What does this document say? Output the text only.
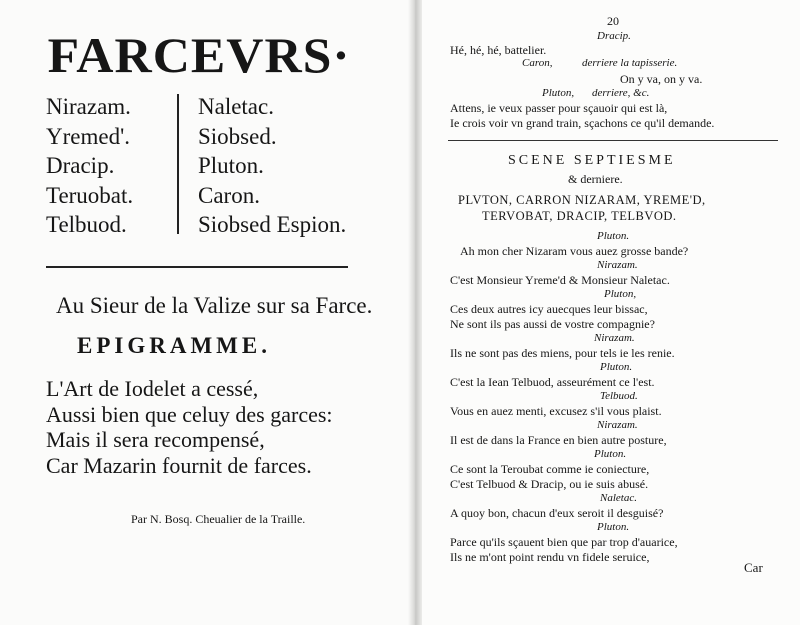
FARCEVRS·
Nirazam.
Yremed'.
Dracip.
Teruobat.
Telbuod.
Naletac.
Siobsed.
Pluton.
Caron.
Siobsed Espion.
Au Sieur de la Valize sur sa Farce.
EPIGRAMME.
L'Art de Iodelet a cessé,
Aussi bien que celuy des garces:
Mais il sera recompensé,
Car Mazarin fournit de farces.
Par N. Bosq. Cheualier de la Traille.
20
Dracip.
Hé, hé, hé, battelier.
Caron,	derriere la tapisserie.
On y va, on y va.
Pluton, derriere, &c.
Attens, ie veux passer pour sçauoir qui est là,
Ie crois voir vn grand train, sçachons ce qu'il demande.
SCENE SEPTIESME
& derniere.
PLVTON, CARRON NIZARAM, YREME'D,
TERVOBAT, DRACIP, TELBVOD.
Pluton.
Ah mon cher Nizaram vous auez grosse bande?
Nirazam.
C'est Monsieur Yreme'd & Monsieur Naletac.
Pluton,
Ces deux autres icy auecques leur bissac,
Ne sont ils pas aussi de vostre compagnie?
Nirazam.
Ils ne sont pas des miens, pour tels ie les renie.
Pluton.
C'est la Iean Telbuod, asseurément ce l'est.
Telbuod.
Vous en auez menti, excusez s'il vous plaist.
Nirazam.
Il est de dans la France en bien autre posture,
Pluton.
Ce sont la Teroubat comme ie coniecture,
C'est Telbuod & Dracip, ou ie suis abusé.
Naletac.
A quoy bon, chacun d'eux seroit il desguisé?
Pluton.
Parce qu'ils sçauent bien que par trop d'auarice,
Ils ne m'ont point rendu vn fidele seruice,
Car
